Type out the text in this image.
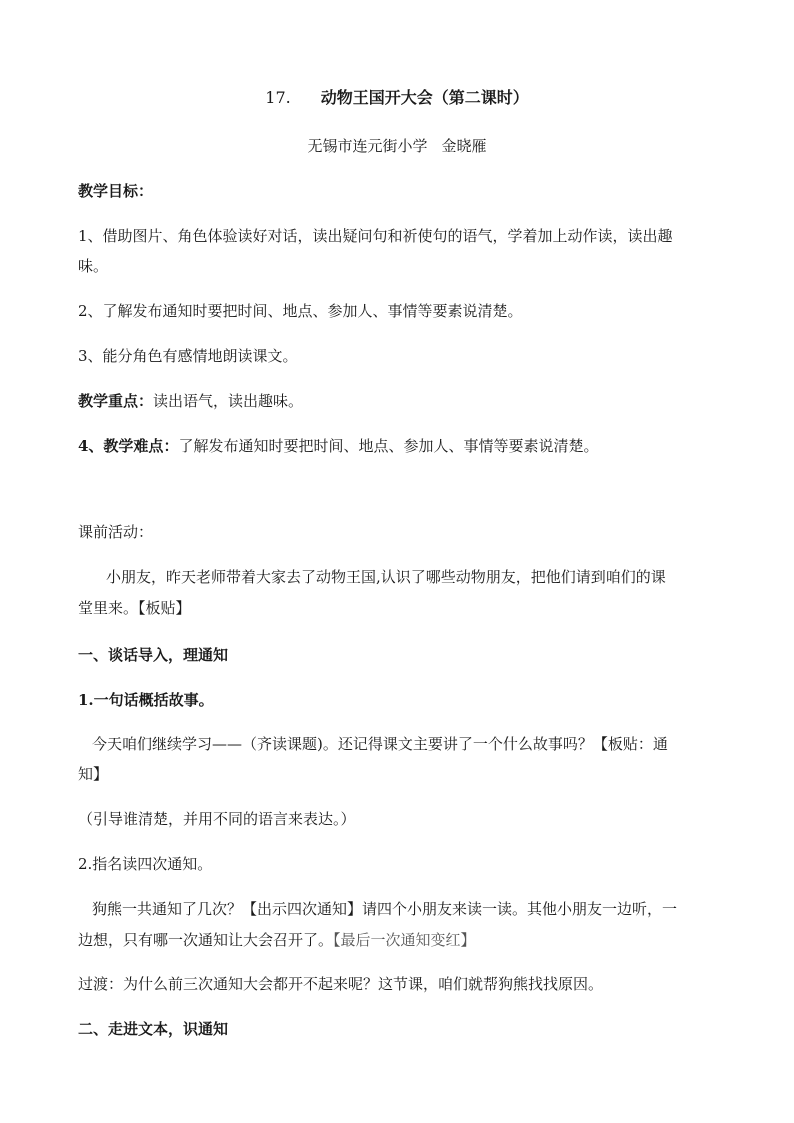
17. 动物王国开大会（第二课时）
无锡市连元街小学 金晓雁
教学目标：
1、借助图片、角色体验读好对话，读出疑问句和祈使句的语气，学着加上动作读，读出趣
味。
2、了解发布通知时要把时间、地点、参加人、事情等要素说清楚。
3、能分角色有感情地朗读课文。
教学重点：读出语气，读出趣味。
4、教学难点：了解发布通知时要把时间、地点、参加人、事情等要素说清楚。
课前活动：
小朋友，昨天老师带着大家去了动物王国,认识了哪些动物朋友，把他们请到咱们的课
堂里来。【板贴】
一、谈话导入，理通知
1.一句话概括故事。
今天咱们继续学习——（齐读课题)。还记得课文主要讲了一个什么故事吗？【板贴：通
知】
（引导谁清楚，并用不同的语言来表达。）
2.指名读四次通知。
狗熊一共通知了几次？【出示四次通知】请四个小朋友来读一读。其他小朋友一边听，一
边想，只有哪一次通知让大会召开了。【最后一次通知变红】
过渡：为什么前三次通知大会都开不起来呢？这节课，咱们就帮狗熊找找原因。
二、走进文本，识通知
